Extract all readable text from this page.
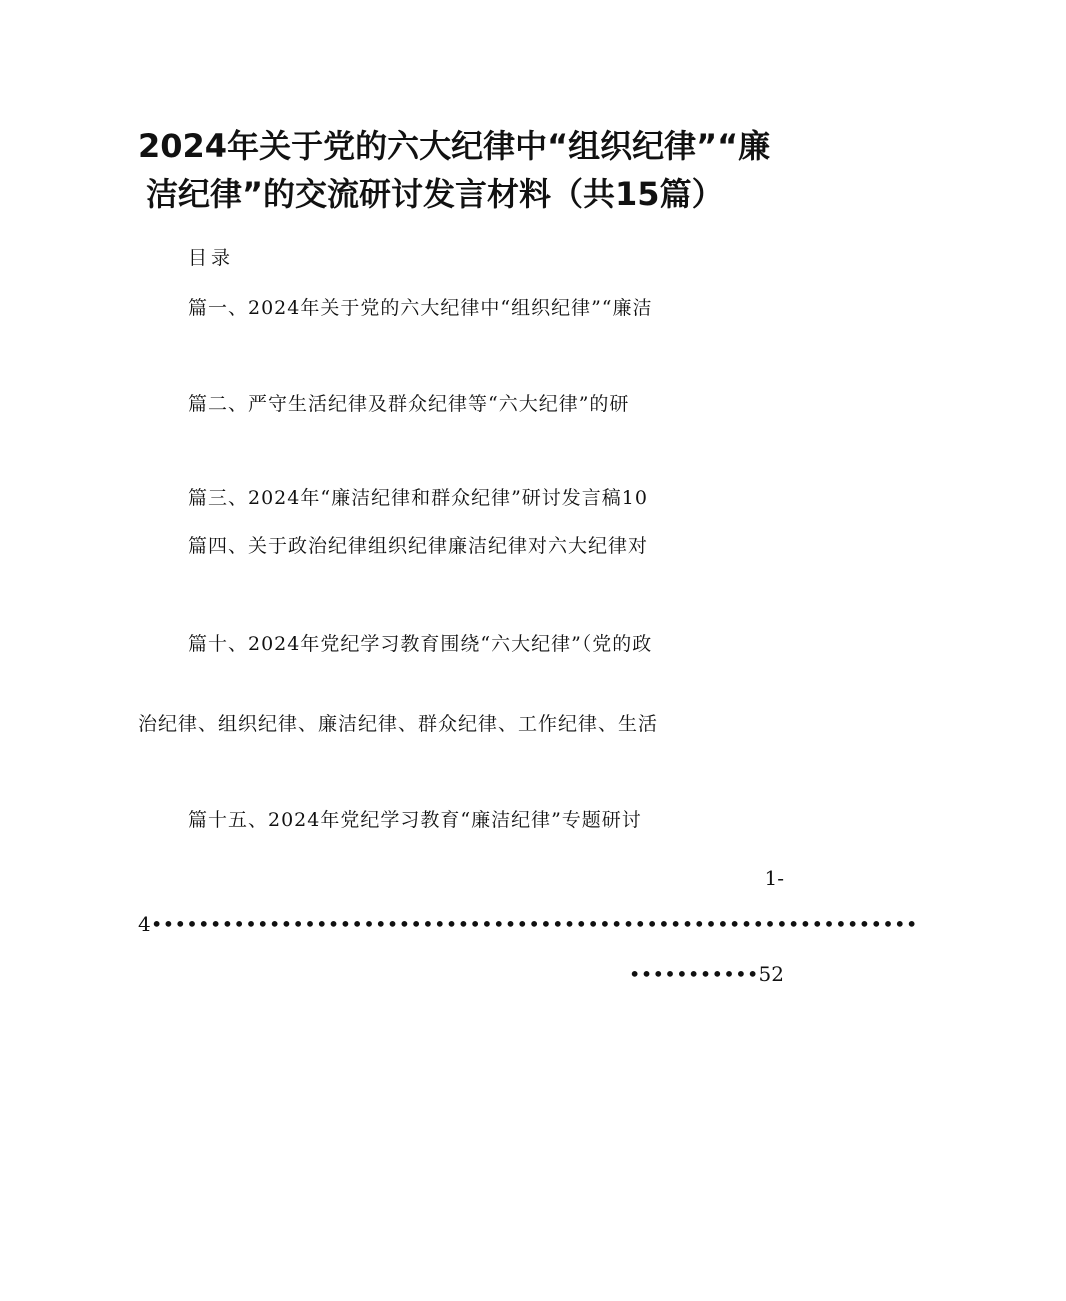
2024年关于党的六大纪律中“组织纪律”“廉
洁纪律”的交流研讨发言材料（共15篇）
目录
篇一、2024年关于党的六大纪律中“组织纪律”“廉洁
篇二、严守生活纪律及群众纪律等“六大纪律”的研
篇三、2024年“廉洁纪律和群众纪律”研讨发言稿10
篇四、关于政治纪律组织纪律廉洁纪律对六大纪律对
篇十、2024年党纪学习教育围绕“六大纪律”（党的政
治纪律、组织纪律、廉洁纪律、群众纪律、工作纪律、生活
篇十五、2024年党纪学习教育“廉洁纪律”专题研讨
1-
4•••••••••••••••••••••••••••••••••••••••••••••••••••••••••••••••••
•••••••••••52
